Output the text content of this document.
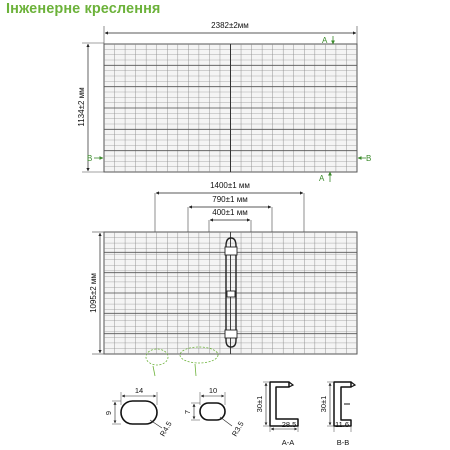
Інженерне креслення
2382±2мм
1134±2 мм
A
A
B	B
1400±1 мм
790±1 мм
400±1 мм
1095±2 мм
14
9
R4.5
10
7
R3.5
30±1
28.5
A-A
30±1
11.6
B-B
